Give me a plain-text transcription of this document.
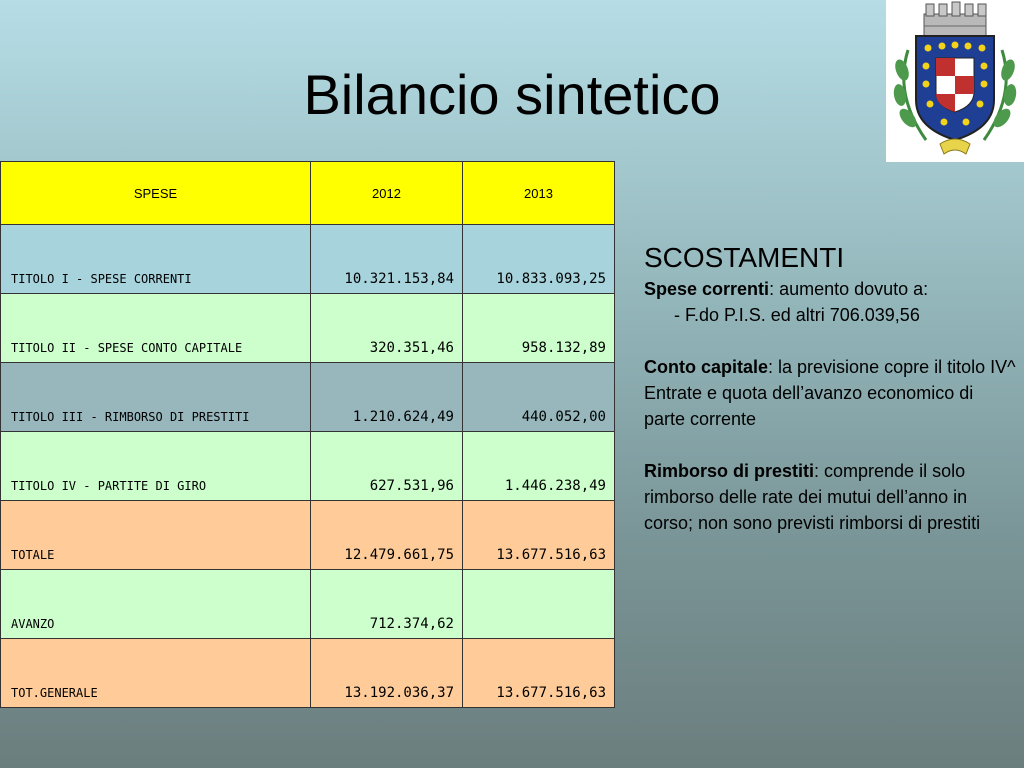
Bilancio sintetico
SPESE	2012	2013
TITOLO I - SPESE CORRENTI	10.321.153,84	10.833.093,25
TITOLO II - SPESE CONTO CAPITALE	320.351,46	958.132,89
TITOLO III - RIMBORSO DI PRESTITI	1.210.624,49	440.052,00
TITOLO IV - PARTITE DI GIRO	627.531,96	1.446.238,49
TOTALE	12.479.661,75	13.677.516,63
AVANZO	712.374,62	
TOT.GENERALE	13.192.036,37	13.677.516,63
SCOSTAMENTI
Spese correnti: aumento dovuto a:
- F.do P.I.S. ed altri 706.039,56
Conto capitale: la previsione copre il titolo IV^ Entrate e quota dell’avanzo economico di parte corrente
Rimborso di prestiti: comprende il solo rimborso delle rate dei mutui dell’anno in corso; non sono previsti rimborsi di prestiti
